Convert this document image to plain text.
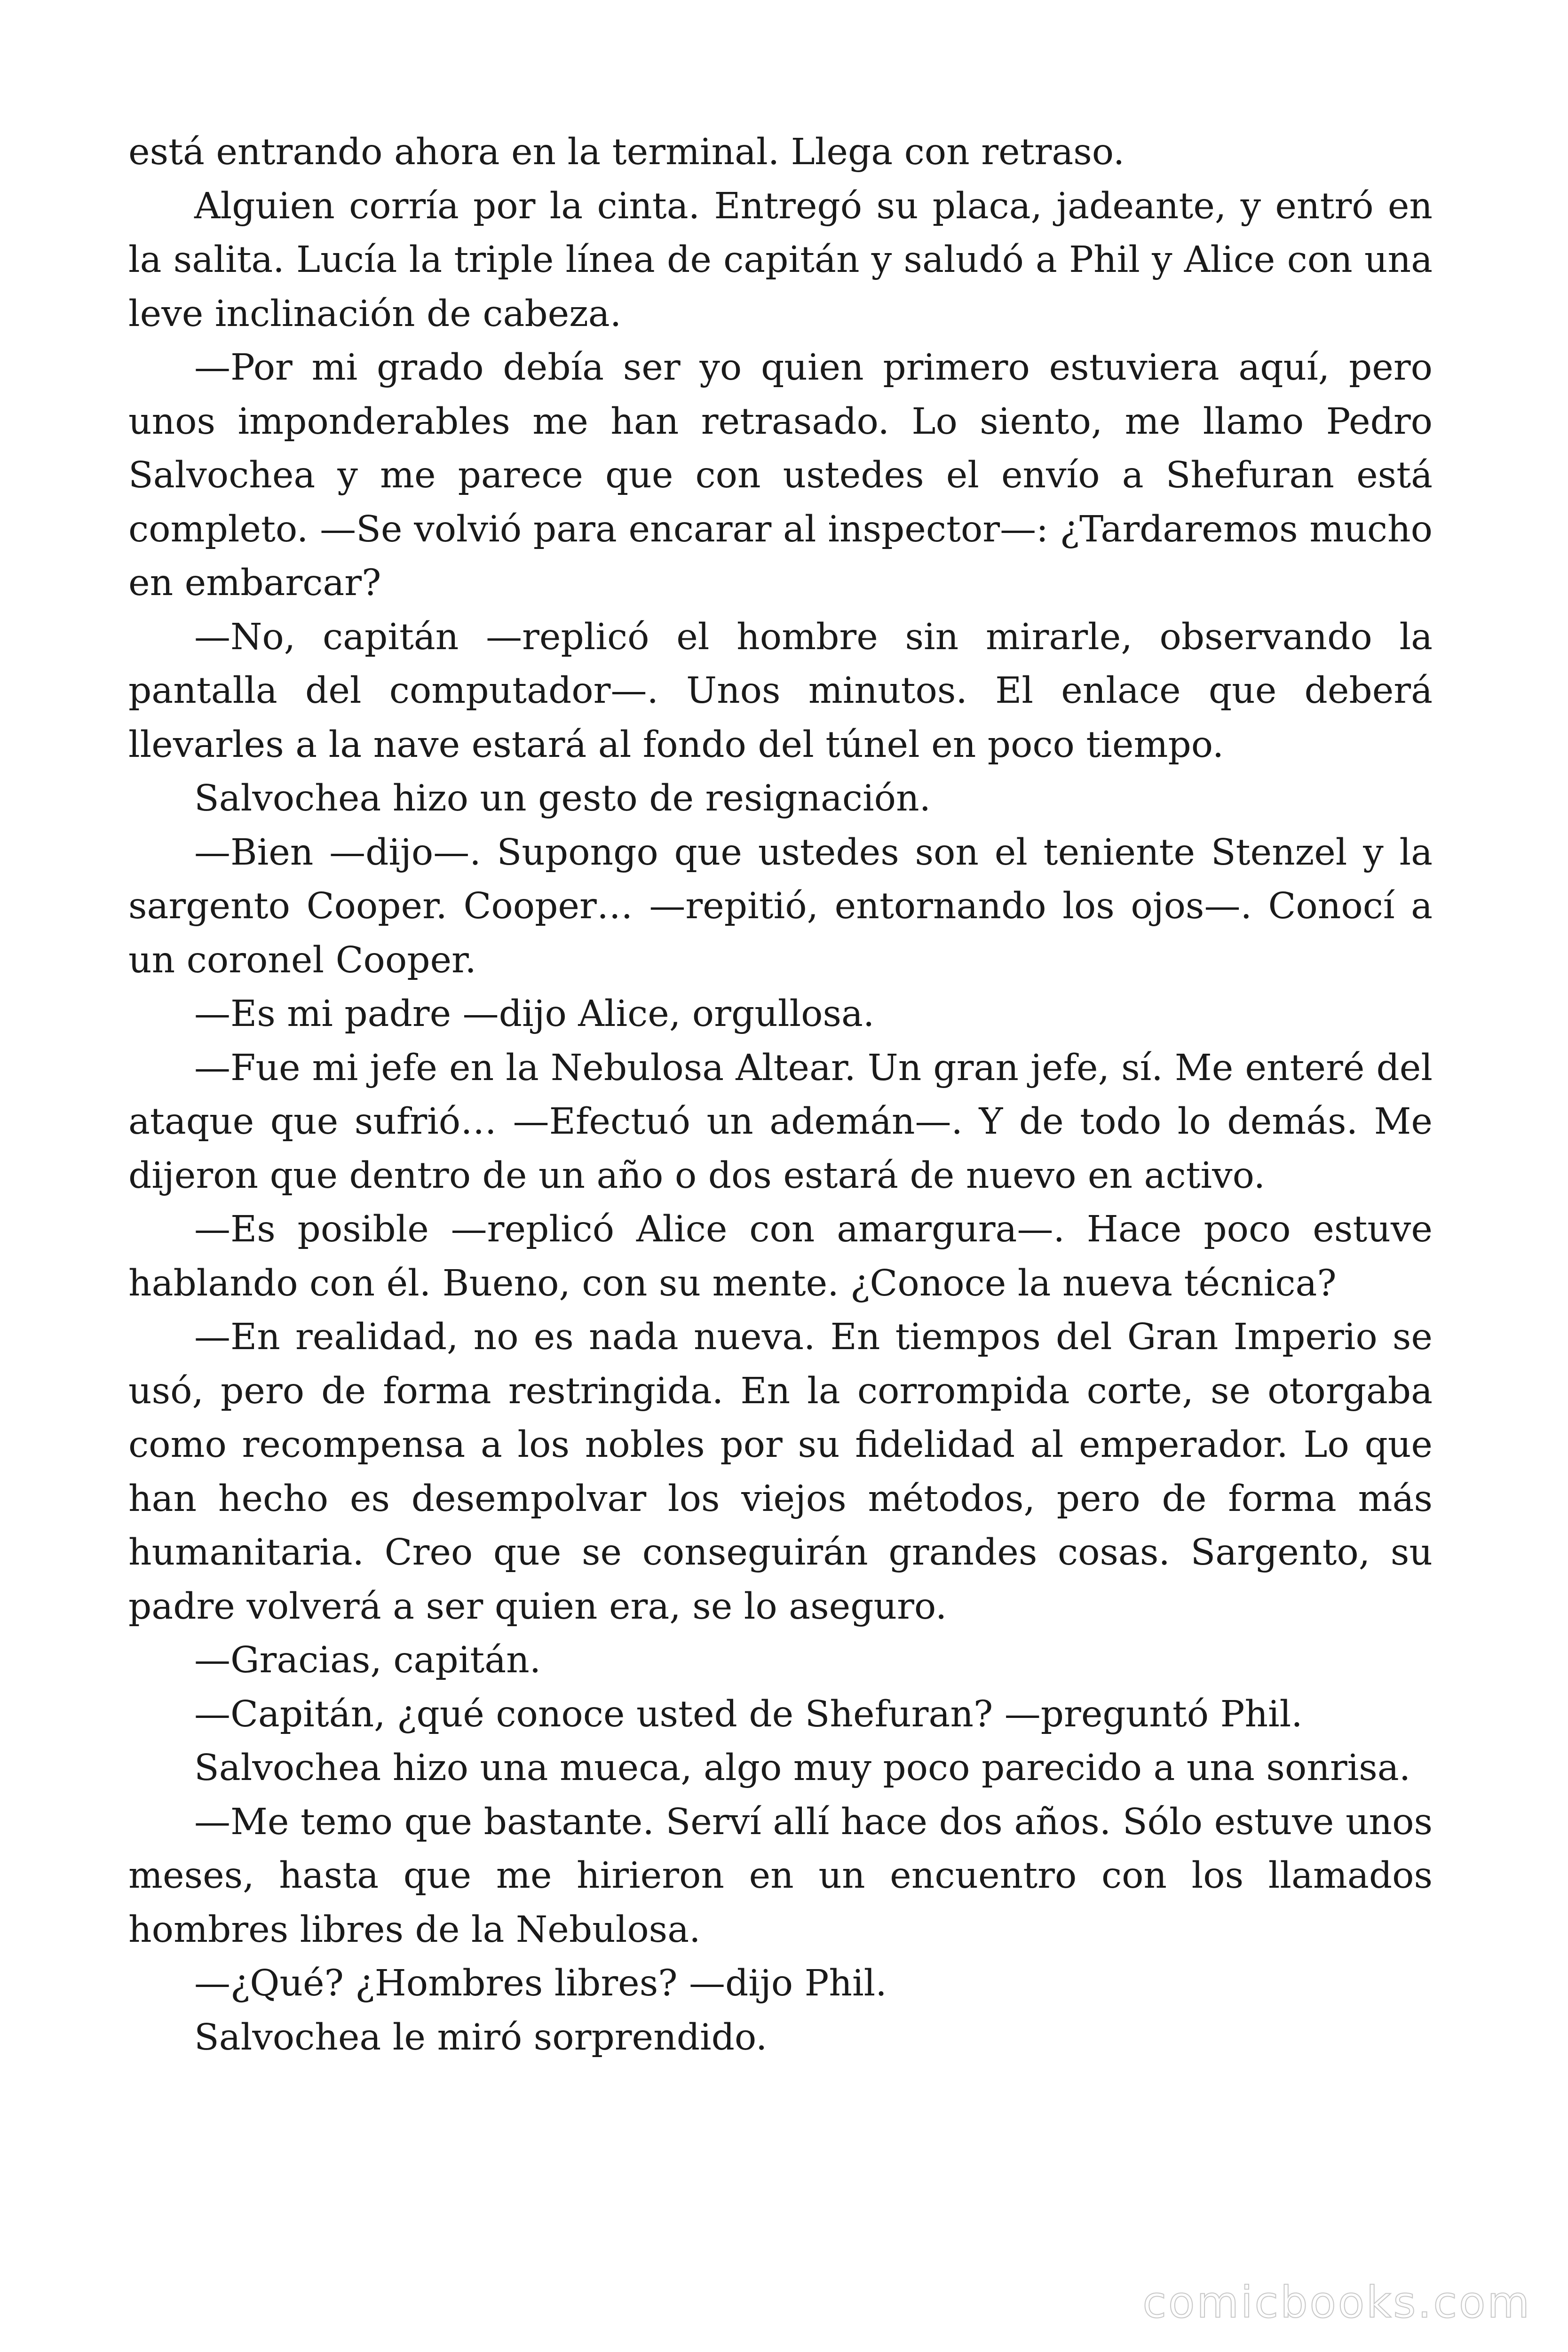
está entrando ahora en la terminal. Llega con retraso.

Alguien corría por la cinta. Entregó su placa, jadeante, y entró en la salita. Lucía la triple línea de capitán y saludó a Phil y Alice con una leve inclinación de cabeza.

—Por mi grado debía ser yo quien primero estuviera aquí, pero unos imponderables me han retrasado. Lo siento, me llamo Pedro Salvochea y me parece que con ustedes el envío a Shefuran está completo. —Se volvió para encarar al inspector—: ¿Tardaremos mucho en embarcar?

—No, capitán —replicó el hombre sin mirarle, observando la pantalla del computador—. Unos minutos. El enlace que deberá llevarles a la nave estará al fondo del túnel en poco tiempo.

Salvochea hizo un gesto de resignación.

—Bien —dijo—. Supongo que ustedes son el teniente Stenzel y la sargento Cooper. Cooper… —repitió, entornando los ojos—. Conocí a un coronel Cooper.

—Es mi padre —dijo Alice, orgullosa.

—Fue mi jefe en la Nebulosa Altear. Un gran jefe, sí. Me enteré del ataque que sufrió… —Efectuó un ademán—. Y de todo lo demás. Me dijeron que dentro de un año o dos estará de nuevo en activo.

—Es posible —replicó Alice con amargura—. Hace poco estuve hablando con él. Bueno, con su mente. ¿Conoce la nueva técnica?

—En realidad, no es nada nueva. En tiempos del Gran Imperio se usó, pero de forma restringida. En la corrompida corte, se otorgaba como recompensa a los nobles por su fidelidad al emperador. Lo que han hecho es desempolvar los viejos métodos, pero de forma más humanitaria. Creo que se conseguirán grandes cosas. Sargento, su padre volverá a ser quien era, se lo aseguro.

—Gracias, capitán.

—Capitán, ¿qué conoce usted de Shefuran? —preguntó Phil.

Salvochea hizo una mueca, algo muy poco parecido a una sonrisa.

—Me temo que bastante. Serví allí hace dos años. Sólo estuve unos meses, hasta que me hirieron en un encuentro con los llamados hombres libres de la Nebulosa.

—¿Qué? ¿Hombres libres? —dijo Phil.

Salvochea le miró sorprendido.

comicbooks.com
